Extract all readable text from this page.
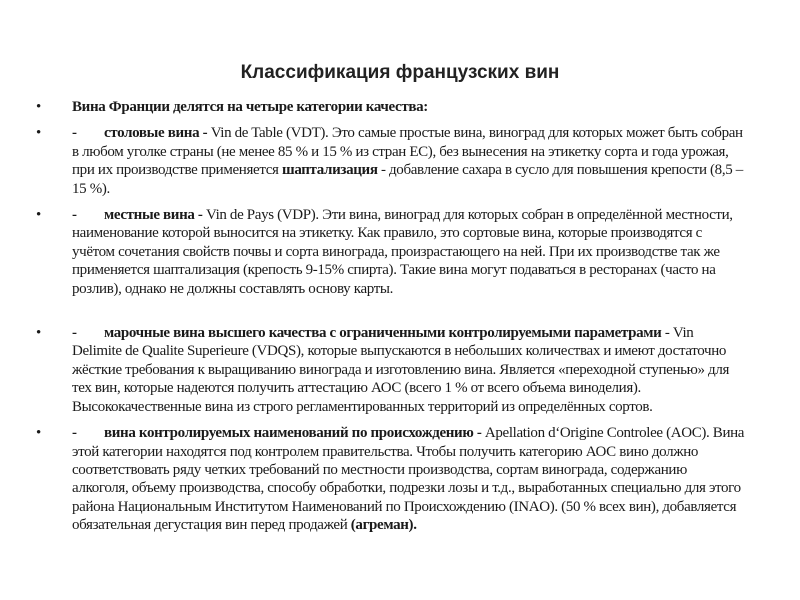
Классификация французских вин
• Вина Франции делятся на четыре категории качества:
• - столовые вина - Vin de Table (VDT). Это самые простые вина, виноград для которых может быть собран в любом уголке страны (не менее 85 % и 15 % из стран ЕС), без вынесения на этикетку сорта и года урожая, при их производстве применяется шаптализация - добавление сахара в сусло для повышения крепости (8,5 – 15 %).
• - местные вина - Vin de Pays (VDP). Эти вина, виноград для которых собран в определённой местности, наименование которой выносится на этикетку. Как правило, это сортовые вина, которые производятся с учётом сочетания свойств почвы и сорта винограда, произрастающего на ней. При их производстве так же применяется шаптализация (крепость 9-15% спирта). Такие вина могут подаваться в ресторанах (часто на розлив), однако не должны составлять основу карты.
• - марочные вина высшего качества с ограниченными контролируемыми параметрами - Vin Delimite de Qualite Superieure (VDQS), которые выпускаются в небольших количествах и имеют достаточно жёсткие требования к выращиванию винограда и изготовлению вина. Является «переходной ступенью» для тех вин, которые надеются получить аттестацию АОС (всего 1 % от всего объема виноделия). Высококачественные вина из строго регламентированных территорий из определённых сортов.
• - вина контролируемых наименований по происхождению - Apellation d‘Origine Controlee (AOC). Вина этой категории находятся под контролем правительства. Чтобы получить категорию АОС вино должно соответствовать ряду четких требований по местности производства, сортам винограда, содержанию алкоголя, объему производства, способу обработки, подрезки лозы и т.д., выработанных специально для этого района Национальным Институтом Наименований по Происхождению (INAO). (50 % всех вин), добавляется обязательная дегустация вин перед продажей (агреман).
